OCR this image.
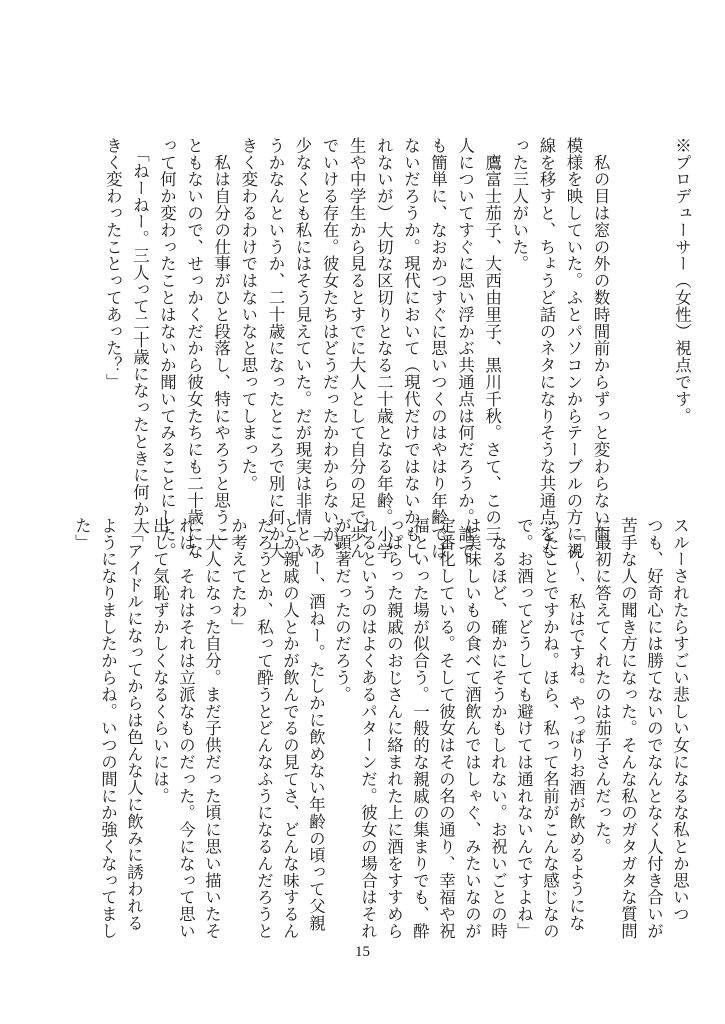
※プロデューサー（女性）視点です。
　私の目は窓の外の数時間前からずっと変わらない雨
模様を映していた。ふとパソコンからテーブルの方に視
線を移すと、ちょうど話のネタになりそうな共通点をも
った三人がいた。
　鷹富士茄子、大西由里子、黒川千秋。さて、この三
人についてすぐに思い浮かぶ共通点は何だろうか。誰で
も簡単に、なおかつすぐに思いつくのはやはり年齢では
ないだろうか。現代において（現代だけではないかもし
れないが）大切な区切りとなる二十歳となる年齢。小学
生や中学生から見るとすでに大人として自分の足で歩ん
でいける存在。彼女たちはどうだったかわからないが、
少なくとも私にはそう見えていた。だが現実は非情とい
うかなんというか、二十歳になったところで別に何か大
きく変わるわけではないなと思ってしまった。
　私は自分の仕事がひと段落し、特にやろうと思うこ
ともないので、せっかくだから彼女たちにも二十歳にな
って何か変わったことはないか聞いてみることにした。
　「ねーねー。三人って二十歳になったときに何か大
きく変わったことってあった？」
スルーされたらすごい悲しい女になるな私とか思いつ
つも、好奇心には勝てないのでなんとなく人付き合いが
苦手な人の聞き方になった。そんな私のガタガタな質問
に最初に答えてくれたのは茄子さんだった。
　「ん～、私はですね。やっぱりお酒が飲めるようにな
ったことですかね。ほら、私って名前がこんな感じなの
で。お酒ってどうしても避けては通れないんですよね」
　なるほど、確かにそうかもしれない。お祝いごとの時
は美味しいもの食べて酒飲んではしゃぐ、みたいなのが
定番化している。そして彼女はその名の通り、幸福や祝
福といった場が似合う。一般的な親戚の集まりでも、酔
っぱらった親戚のおじさんに絡まれた上に酒をすすめら
れるというのはよくあるパターンだ。彼女の場合はそれ
が顕著だったのだろう。
　「あー、酒ねー。たしかに飲めない年齢の頃って父親
とか親戚の人とかが飲んでるの見てさ、どんな味するん
だろうとか、私って酔うとどんなふうになるんだろうと
か考えてたわ」
　大人になった自分。まだ子供だった頃に思い描いたそ
れは、それはそれは立派なものだった。今になって思い
出して気恥ずかしくなるくらいには。
　「アイドルになってからは色んな人に飲みに誘われる
ようになりましたからね。いつの間にか強くなってまし
た」
15
